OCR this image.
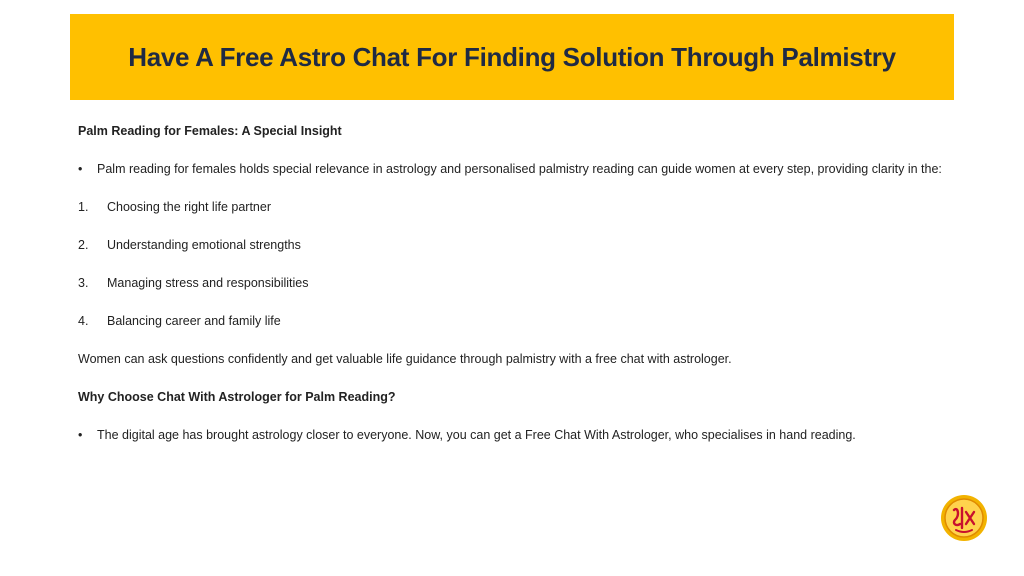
Have A Free Astro Chat For Finding Solution Through Palmistry

Palm Reading for Females: A Special Insight

•	Palm reading for females holds special relevance in astrology and personalised palmistry reading can guide women at every step, providing clarity in the:
1.	Choosing the right life partner
2.	Understanding emotional strengths
3.	Managing stress and responsibilities
4.	Balancing career and family life

Women can ask questions confidently and get valuable life guidance through palmistry with a free chat with astrologer.

Why Choose Chat With Astrologer for Palm Reading?

•	The digital age has brought astrology closer to everyone. Now, you can get a Free Chat With Astrologer, who specialises in hand reading.
